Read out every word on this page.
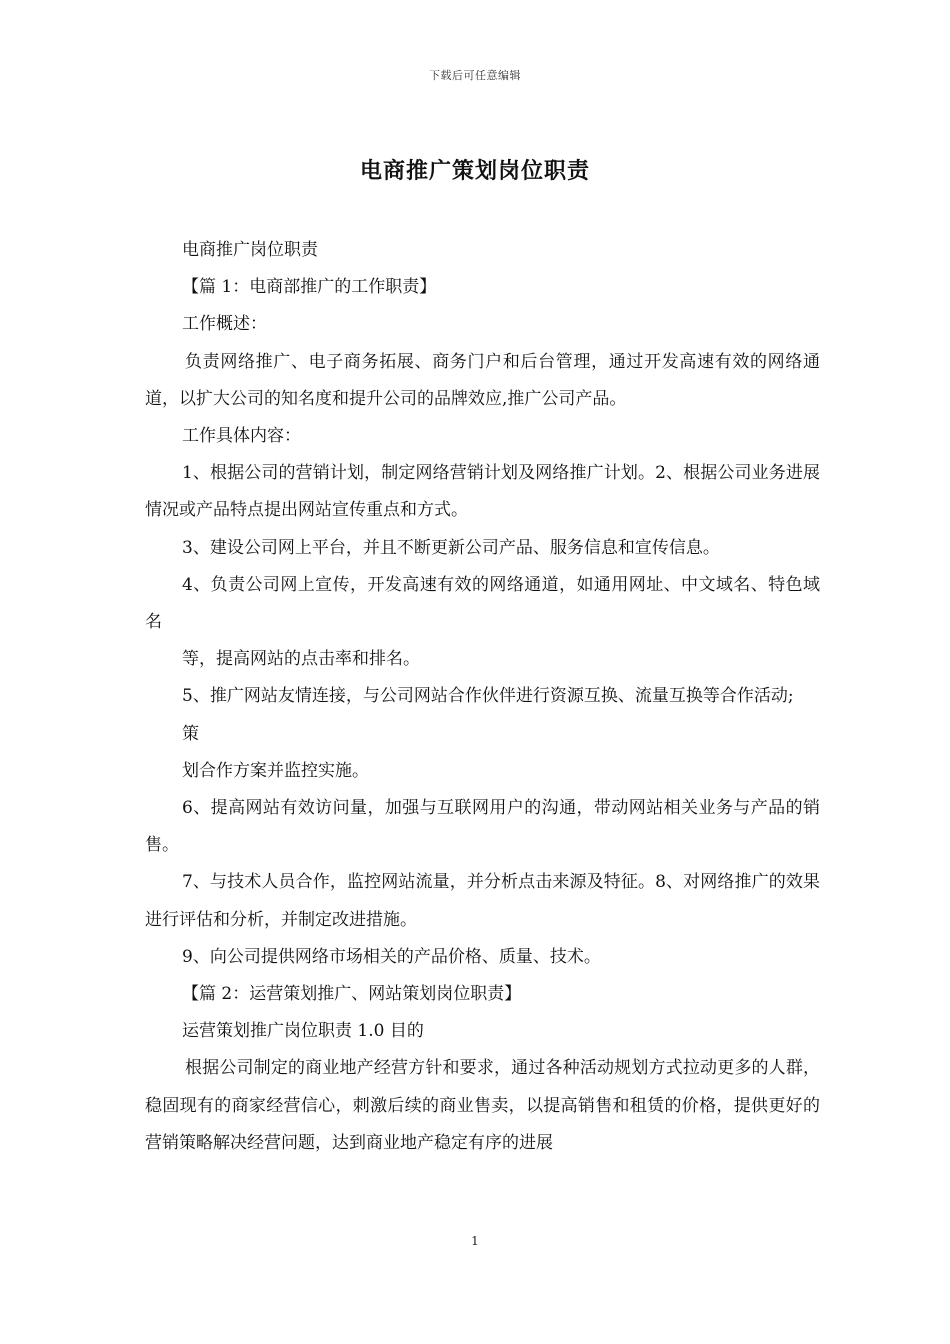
下载后可任意编辑
电商推广策划岗位职责

电商推广岗位职责

【篇 1：电商部推广的工作职责】

工作概述：

负责网络推广、电子商务拓展、商务门户和后台管理，通过开发高速有效的网络通道，以扩大公司的知名度和提升公司的品牌效应,推广公司产品。

工作具体内容：

1、根据公司的营销计划，制定网络营销计划及网络推广计划。2、根据公司业务进展情况或产品特点提出网站宣传重点和方式。

3、建设公司网上平台，并且不断更新公司产品、服务信息和宣传信息。

4、负责公司网上宣传，开发高速有效的网络通道，如通用网址、中文域名、特色域名

等，提高网站的点击率和排名。

5、推广网站友情连接，与公司网站合作伙伴进行资源互换、流量互换等合作活动;

策

划合作方案并监控实施。

6、提高网站有效访问量，加强与互联网用户的沟通，带动网站相关业务与产品的销售。

7、与技术人员合作，监控网站流量，并分析点击来源及特征。8、对网络推广的效果进行评估和分析，并制定改进措施。

9、向公司提供网络市场相关的产品价格、质量、技术。

【篇 2：运营策划推广、网站策划岗位职责】

运营策划推广岗位职责 1.0 目的

根据公司制定的商业地产经营方针和要求，通过各种活动规划方式拉动更多的人群，稳固现有的商家经营信心，刺激后续的商业售卖，以提高销售和租赁的价格，提供更好的营销策略解决经营问题，达到商业地产稳定有序的进展

1
